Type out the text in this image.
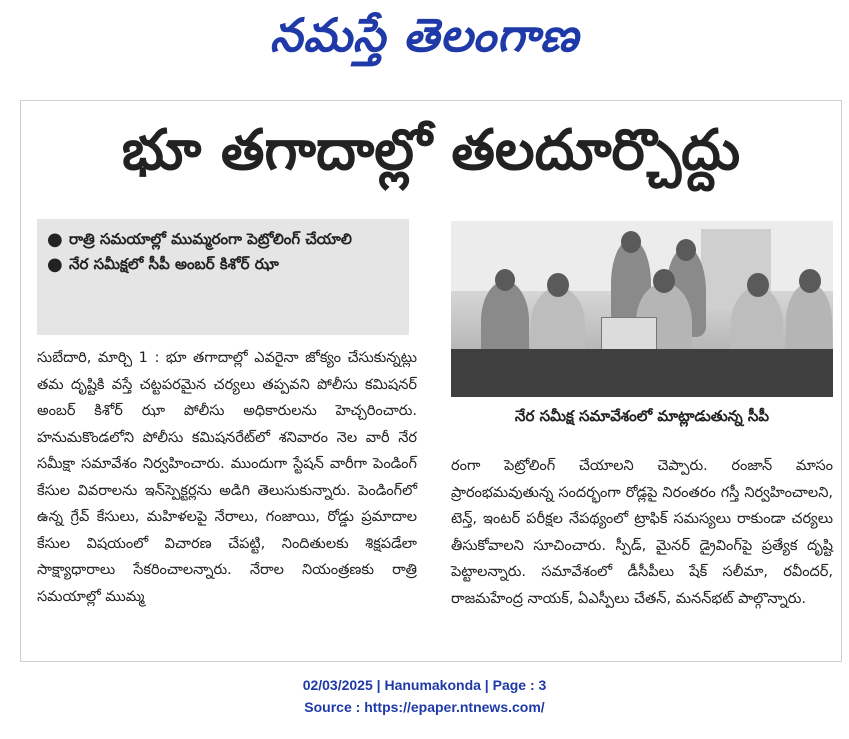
నమస్తే తెలంగాణ
భూ తగాదాల్లో తలదూర్చొద్దు
● రాత్రి సమయాల్లో ముమ్మరంగా పెట్రోలింగ్ చేయాలి
● నేర సమీక్షలో సీపీ అంబర్ కిశోర్ ఝా
నేర సమీక్ష సమావేశంలో మాట్లాడుతున్న సీపీ
సుబేదారి, మార్చి 1 : భూ తగాదాల్లో ఎవరైనా జోక్యం చేసుకున్నట్లు తమ దృష్టికి వస్తే చట్టపరమైన చర్యలు తప్పవని పోలీసు కమిషనర్ అంబర్ కిశోర్ ఝా పోలీసు అధికారులను హెచ్చరించారు. హనుమకొండలోని పోలీసు కమిషనరేట్‌లో శనివారం నెల వారీ నేర సమీక్షా సమావేశం నిర్వహించారు. ముందుగా స్టేషన్ వారీగా పెండింగ్ కేసుల వివరాలను ఇన్‌స్పెక్టర్లను అడిగి తెలుసుకున్నారు. పెండింగ్‌లో ఉన్న గ్రేవ్ కేసులు, మహిళలపై నేరాలు, గంజాయి, రోడ్డు ప్రమాదాల కేసుల విషయంలో విచారణ చేపట్టి, నిందితులకు శిక్షపడేలా సాక్ష్యాధారాలు సేకరించాలన్నారు. నేరాల నియంత్రణకు రాత్రి సమయాల్లో ముమ్మ
రంగా పెట్రోలింగ్ చేయాలని చెప్పారు. రంజాన్ మాసం ప్రారంభమవుతున్న సందర్భంగా రోడ్లపై నిరంతరం గస్తీ నిర్వహించాలని, టెన్త్, ఇంటర్ పరీక్షల నేపథ్యంలో ట్రాఫిక్ సమస్యలు రాకుండా చర్యలు తీసుకోవాలని సూచించారు. స్పీడ్, మైనర్ డ్రైవింగ్‌పై ప్రత్యేక దృష్టి పెట్టాలన్నారు. సమావేశంలో డీసీపీలు షేక్ సలీమా, రవీందర్, రాజమహేంద్ర నాయక్, ఏఎస్పీలు చేతన్, మనన్‌భట్ పాల్గొన్నారు.
02/03/2025 | Hanumakonda | Page : 3
Source : https://epaper.ntnews.com/
